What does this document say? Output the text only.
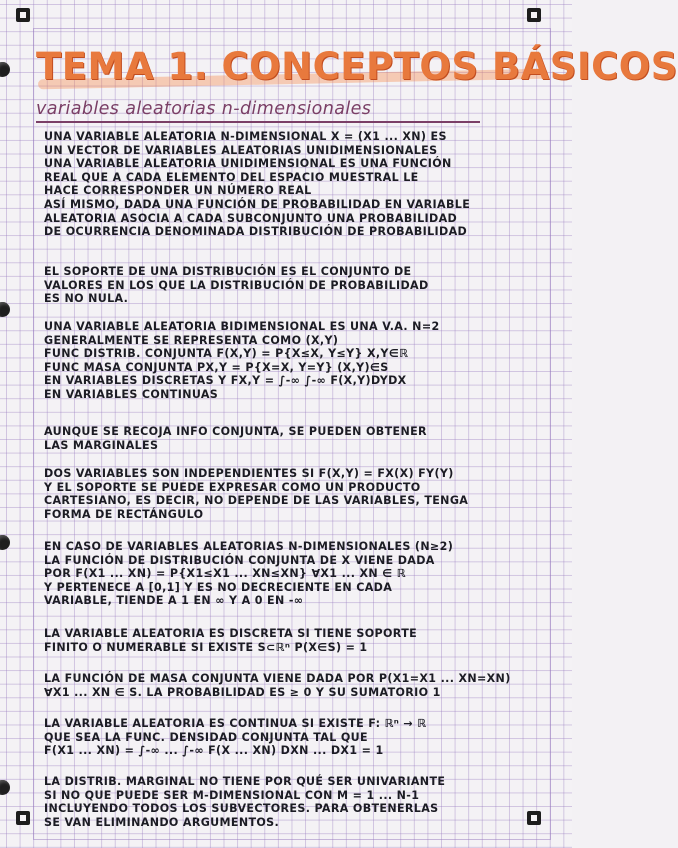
TEMA 1. CONCEPTOS BÁSICOS
variables aleatorias n-dimensionales
UNA VARIABLE ALEATORIA N-DIMENSIONAL X = (X1 ... XN) ES
UN VECTOR DE VARIABLES ALEATORIAS UNIDIMENSIONALES
UNA VARIABLE ALEATORIA UNIDIMENSIONAL ES UNA FUNCIÓN
REAL QUE A CADA ELEMENTO DEL ESPACIO MUESTRAL LE
HACE CORRESPONDER UN NÚMERO REAL
ASÍ MISMO, DADA UNA FUNCIÓN DE PROBABILIDAD EN VARIABLE
ALEATORIA ASOCIA A CADA SUBCONJUNTO UNA PROBABILIDAD
DE OCURRENCIA DENOMINADA DISTRIBUCIÓN DE PROBABILIDAD
EL SOPORTE DE UNA DISTRIBUCIÓN ES EL CONJUNTO DE
VALORES EN LOS QUE LA DISTRIBUCIÓN DE PROBABILIDAD
ES NO NULA.
UNA VARIABLE ALEATORIA BIDIMENSIONAL ES UNA V.A. N=2
GENERALMENTE SE REPRESENTA COMO (X,Y)
FUNC DISTRIB. CONJUNTA F(X,Y) = P{X≤X, Y≤Y} X,Y∈ℝ
FUNC MASA CONJUNTA PX,Y = P{X=X, Y=Y} (X,Y)∈S
EN VARIABLES DISCRETAS Y FX,Y = ∫-∞ ∫-∞ F(X,Y)DYDX
EN VARIABLES CONTINUAS
AUNQUE SE RECOJA INFO CONJUNTA, SE PUEDEN OBTENER
LAS MARGINALES
DOS VARIABLES SON INDEPENDIENTES SI F(X,Y) = FX(X) FY(Y)
Y EL SOPORTE SE PUEDE EXPRESAR COMO UN PRODUCTO
CARTESIANO, ES DECIR, NO DEPENDE DE LAS VARIABLES, TENGA
FORMA DE RECTÁNGULO
EN CASO DE VARIABLES ALEATORIAS N-DIMENSIONALES (N≥2)
LA FUNCIÓN DE DISTRIBUCIÓN CONJUNTA DE X VIENE DADA
POR F(X1 ... XN) = P{X1≤X1 ... XN≤XN} ∀X1 ... XN ∈ ℝ
Y PERTENECE A [0,1] Y ES NO DECRECIENTE EN CADA
VARIABLE, TIENDE A 1 EN ∞ Y A 0 EN -∞
LA VARIABLE ALEATORIA ES DISCRETA SI TIENE SOPORTE
FINITO O NUMERABLE SI EXISTE S⊂ℝⁿ P(X∈S) = 1
LA FUNCIÓN DE MASA CONJUNTA VIENE DADA POR P(X1=X1 ... XN=XN)
∀X1 ... XN ∈ S. LA PROBABILIDAD ES ≥ 0 Y SU SUMATORIO 1
LA VARIABLE ALEATORIA ES CONTINUA SI EXISTE F: ℝⁿ → ℝ
QUE SEA LA FUNC. DENSIDAD CONJUNTA TAL QUE
F(X1 ... XN) = ∫-∞ ... ∫-∞ F(X ... XN) DXN ... DX1 = 1
LA DISTRIB. MARGINAL NO TIENE POR QUÉ SER UNIVARIANTE
SI NO QUE PUEDE SER M-DIMENSIONAL CON M = 1 ... N-1
INCLUYENDO TODOS LOS SUBVECTORES. PARA OBTENERLAS
SE VAN ELIMINANDO ARGUMENTOS.
